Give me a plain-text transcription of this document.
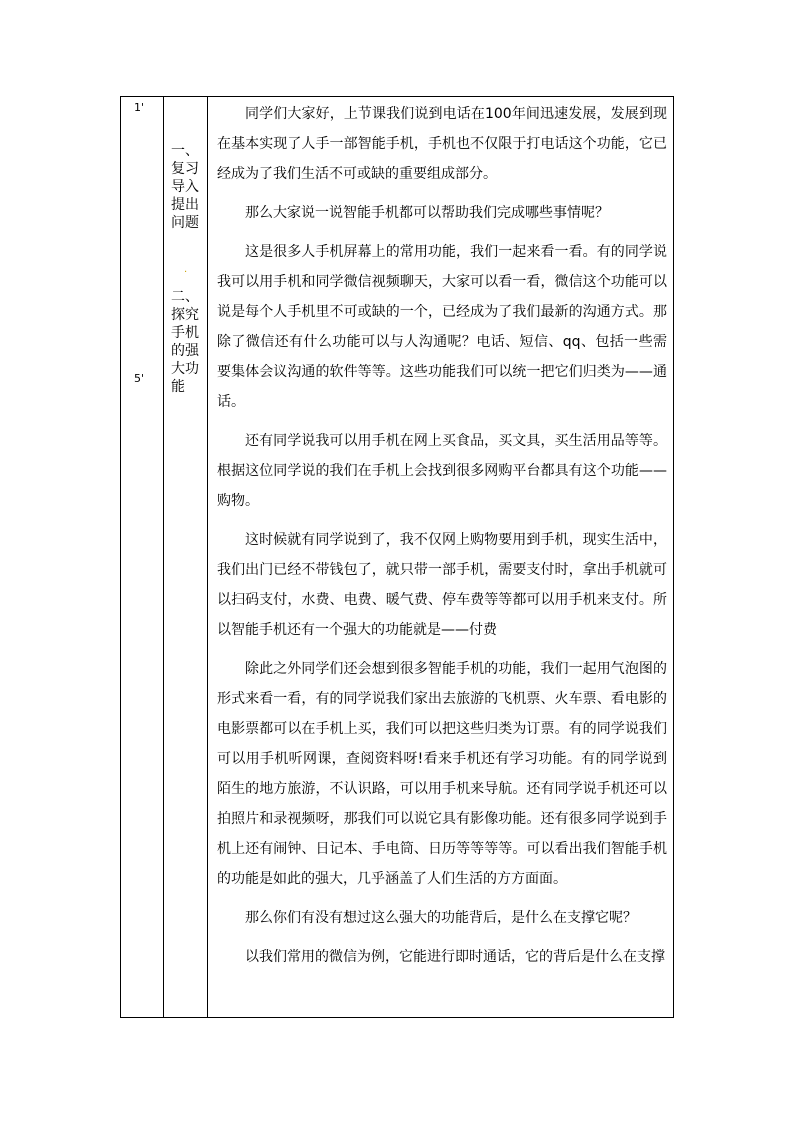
1'
5'
一、
复习
导入
提出
问题
·
二、
探究
手机
的强
大功
能

同学们大家好，上节课我们说到电话在100年间迅速发展，发展到现在基本实现了人手一部智能手机，手机也不仅限于打电话这个功能，它已经成为了我们生活不可或缺的重要组成部分。

那么大家说一说智能手机都可以帮助我们完成哪些事情呢？

这是很多人手机屏幕上的常用功能，我们一起来看一看。有的同学说我可以用手机和同学微信视频聊天，大家可以看一看，微信这个功能可以说是每个人手机里不可或缺的一个，已经成为了我们最新的沟通方式。那除了微信还有什么功能可以与人沟通呢？电话、短信、qq、包括一些需要集体会议沟通的软件等等。这些功能我们可以统一把它们归类为——通话。

还有同学说我可以用手机在网上买食品，买文具，买生活用品等等。根据这位同学说的我们在手机上会找到很多网购平台都具有这个功能——购物。

这时候就有同学说到了，我不仅网上购物要用到手机，现实生活中，我们出门已经不带钱包了，就只带一部手机，需要支付时，拿出手机就可以扫码支付，水费、电费、暖气费、停车费等等都可以用手机来支付。所以智能手机还有一个强大的功能就是——付费

除此之外同学们还会想到很多智能手机的功能，我们一起用气泡图的形式来看一看，有的同学说我们家出去旅游的飞机票、火车票、看电影的电影票都可以在手机上买，我们可以把这些归类为订票。有的同学说我们可以用手机听网课，查阅资料呀!看来手机还有学习功能。有的同学说到陌生的地方旅游，不认识路，可以用手机来导航。还有同学说手机还可以拍照片和录视频呀，那我们可以说它具有影像功能。还有很多同学说到手机上还有闹钟、日记本、手电筒、日历等等等等。可以看出我们智能手机的功能是如此的强大，几乎涵盖了人们生活的方方面面。

那么你们有没有想过这么强大的功能背后，是什么在支撑它呢？

以我们常用的微信为例，它能进行即时通话，它的背后是什么在支撑
